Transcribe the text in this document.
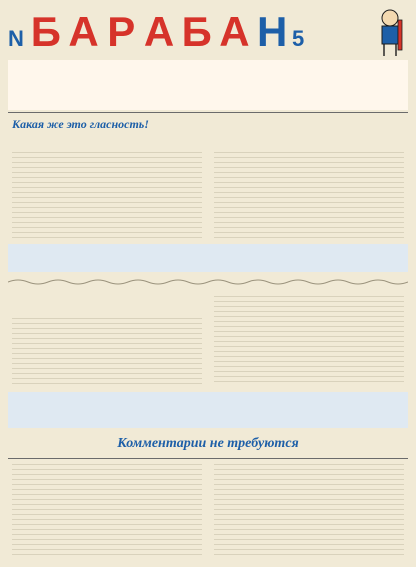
N Б А Р А Б А Н 5
Какая же это гласность!
Комментарии не требуются
